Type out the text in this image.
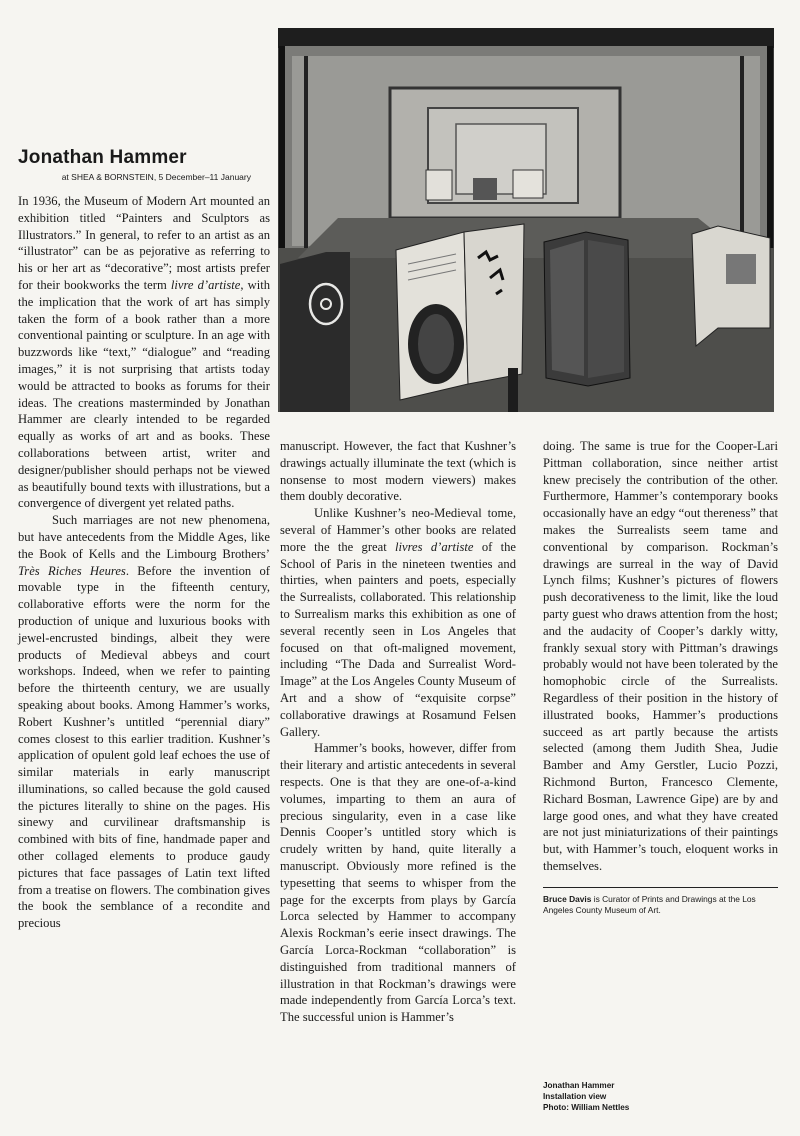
Jonathan Hammer
at SHEA & BORNSTEIN, 5 December–11 January

In 1936, the Museum of Modern Art mounted an exhibition titled “Painters and Sculptors as Illustrators.” In general, to refer to an artist as an “illustrator” can be as pejorative as referring to his or her art as “decorative”; most artists prefer for their bookworks the term livre d’artiste, with the implication that the work of art has simply taken the form of a book rather than a more conventional painting or sculpture. In an age with buzzwords like “text,” “dialogue” and “reading images,” it is not surprising that artists today would be attracted to books as forums for their ideas. The creations masterminded by Jonathan Hammer are clearly intended to be regarded equally as works of art and as books. These collaborations between artist, writer and designer/publisher should perhaps not be viewed as beautifully bound texts with illustrations, but a convergence of divergent yet related paths.

Such marriages are not new phenomena, but have antecedents from the Middle Ages, like the Book of Kells and the Limbourg Brothers’ Très Riches Heures. Before the invention of movable type in the fifteenth century, collaborative efforts were the norm for the production of unique and luxurious books with jewel-encrusted bindings, albeit they were products of Medieval abbeys and court workshops. Indeed, when we refer to painting before the thirteenth century, we are usually speaking about books. Among Hammer’s works, Robert Kushner’s untitled “perennial diary” comes closest to this earlier tradition. Kushner’s application of opulent gold leaf echoes the use of similar materials in early manuscript illuminations, so called because the gold caused the pictures literally to shine on the pages. His sinewy and curvilinear draftsmanship is combined with bits of fine, handmade paper and other collaged elements to produce gaudy pictures that face passages of Latin text lifted from a treatise on flowers. The combination gives the book the semblance of a recondite and precious

manuscript. However, the fact that Kushner’s drawings actually illuminate the text (which is nonsense to most modern viewers) makes them doubly decorative.

Unlike Kushner’s neo-Medieval tome, several of Hammer’s other books are related more the the great livres d’artiste of the School of Paris in the nineteen twenties and thirties, when painters and poets, especially the Surrealists, collaborated. This relationship to Surrealism marks this exhibition as one of several recently seen in Los Angeles that focused on that oft-maligned movement, including “The Dada and Surrealist Word-Image” at the Los Angeles County Museum of Art and a show of “exquisite corpse” collaborative drawings at Rosamund Felsen Gallery.

Hammer’s books, however, differ from their literary and artistic antecedents in several respects. One is that they are one-of-a-kind volumes, imparting to them an aura of precious singularity, even in a case like Dennis Cooper’s untitled story which is crudely written by hand, quite literally a manuscript. Obviously more refined is the typesetting that seems to whisper from the page for the excerpts from plays by García Lorca selected by Hammer to accompany Alexis Rockman’s eerie insect drawings. The García Lorca-Rockman “collaboration” is distinguished from traditional manners of illustration in that Rockman’s drawings were made independently from García Lorca’s text. The successful union is Hammer’s

doing. The same is true for the Cooper-Lari Pittman collaboration, since neither artist knew precisely the contribution of the other. Furthermore, Hammer’s contemporary books occasionally have an edgy “out thereness” that makes the Surrealists seem tame and conventional by comparison. Rockman’s drawings are surreal in the way of David Lynch films; Kushner’s pictures of flowers push decorativeness to the limit, like the loud party guest who draws attention from the host; and the audacity of Cooper’s darkly witty, frankly sexual story with Pittman’s drawings probably would not have been tolerated by the homophobic circle of the Surrealists. Regardless of their position in the history of illustrated books, Hammer’s productions succeed as art partly because the artists selected (among them Judith Shea, Judie Bamber and Amy Gerstler, Lucio Pozzi, Richmond Burton, Francesco Clemente, Richard Bosman, Lawrence Gipe) are by and large good ones, and what they have created are not just miniaturizations of their paintings but, with Hammer’s touch, eloquent works in themselves.

Bruce Davis is Curator of Prints and Drawings at the Los Angeles County Museum of Art.
Jonathan Hammer
Installation view
Photo: William Nettles
